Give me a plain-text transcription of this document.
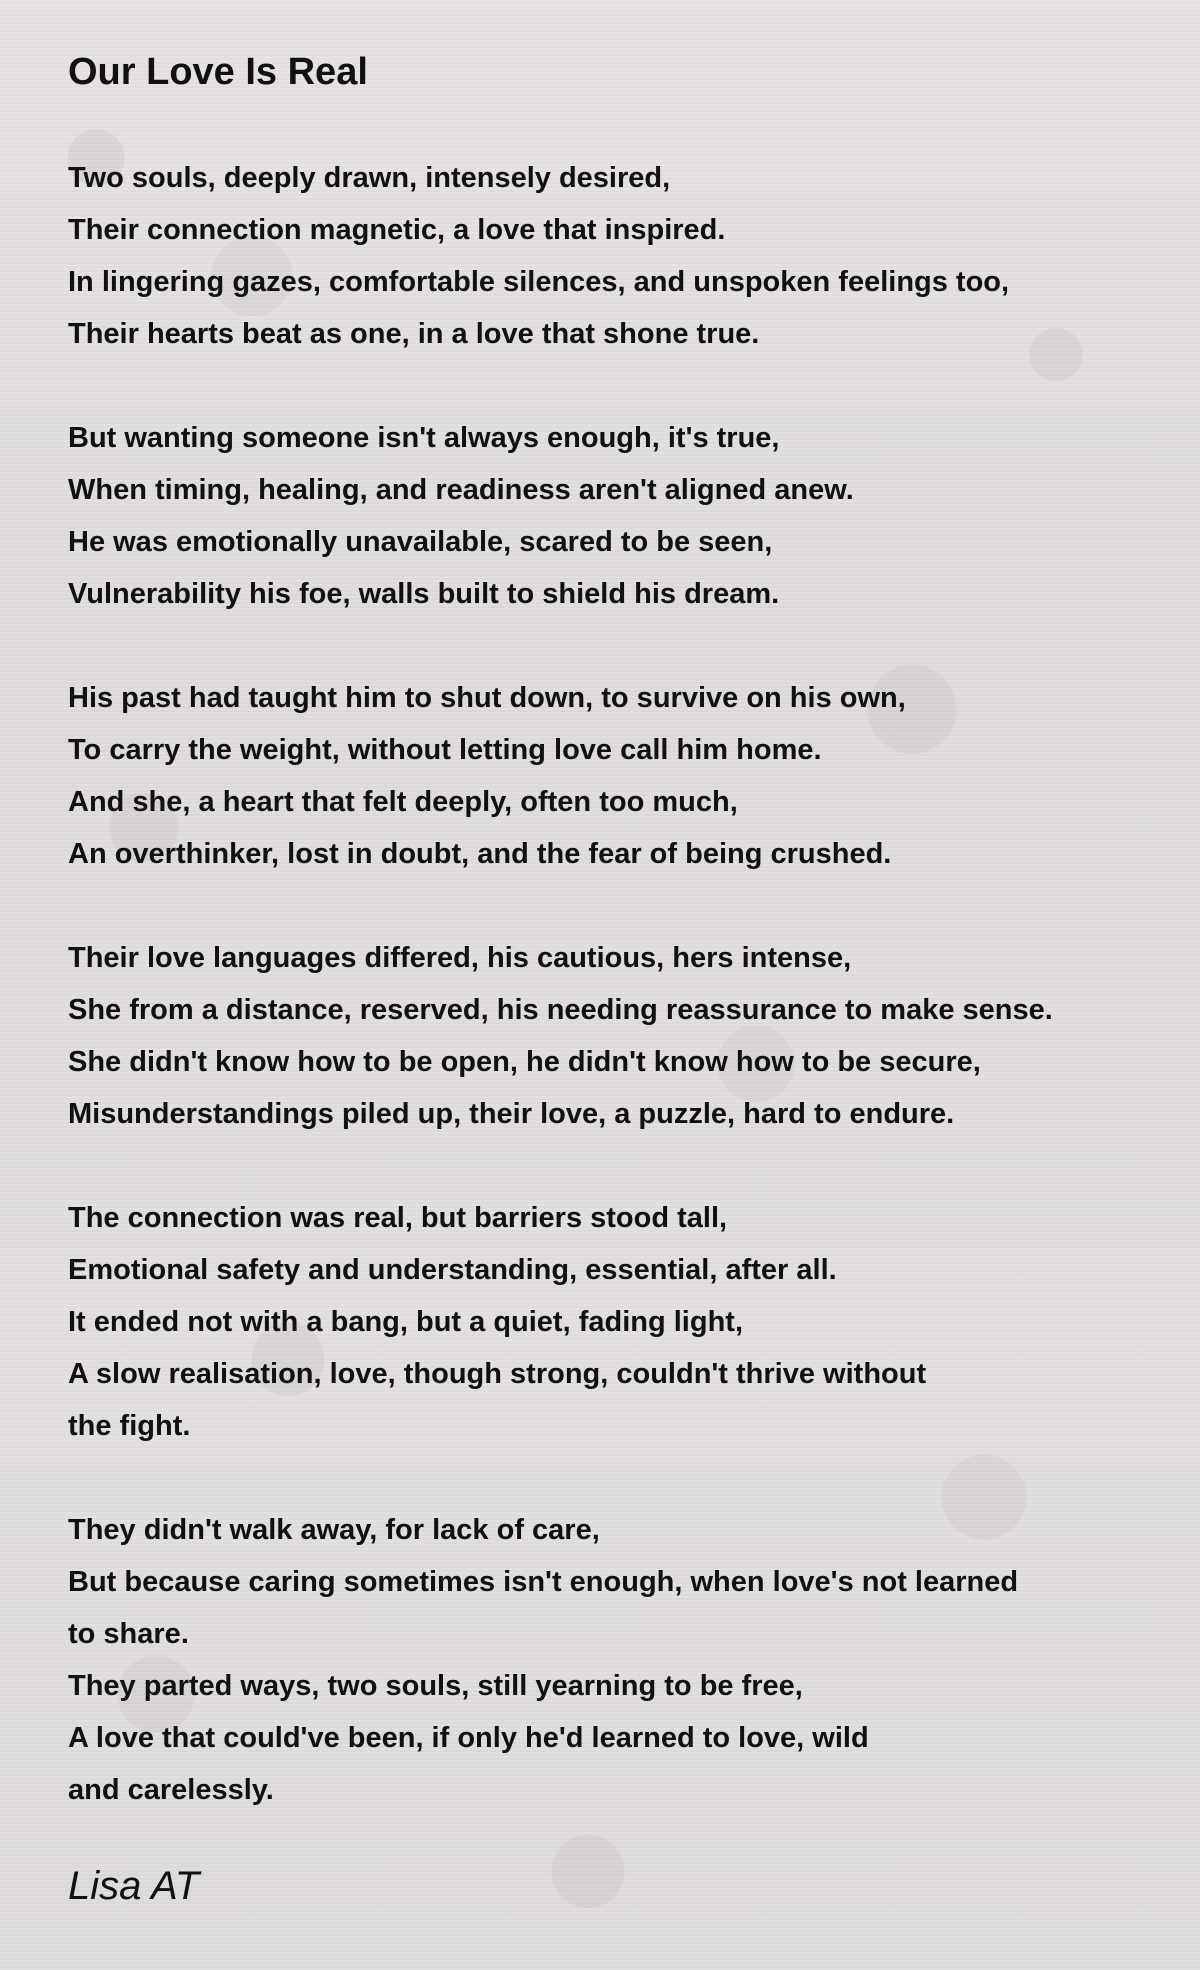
Our Love Is Real
Two souls, deeply drawn, intensely desired,
Their connection magnetic, a love that inspired.
In lingering gazes, comfortable silences, and unspoken feelings too,
Their hearts beat as one, in a love that shone true.
But wanting someone isn't always enough, it's true,
When timing, healing, and readiness aren't aligned anew.
He was emotionally unavailable, scared to be seen,
Vulnerability his foe, walls built to shield his dream.
His past had taught him to shut down, to survive on his own,
To carry the weight, without letting love call him home.
And she, a heart that felt deeply, often too much,
An overthinker, lost in doubt, and the fear of being crushed.
Their love languages differed, his cautious, hers intense,
She from a distance, reserved, his needing reassurance to make sense.
She didn't know how to be open, he didn't know how to be secure,
Misunderstandings piled up, their love, a puzzle, hard to endure.
The connection was real, but barriers stood tall,
Emotional safety and understanding, essential, after all.
It ended not with a bang, but a quiet, fading light,
A slow realisation, love, though strong, couldn't thrive without
the fight.
They didn't walk away, for lack of care,
But because caring sometimes isn't enough, when love's not learned
to share.
They parted ways, two souls, still yearning to be free,
A love that could've been, if only he'd learned to love, wild
and carelessly.
Lisa AT
